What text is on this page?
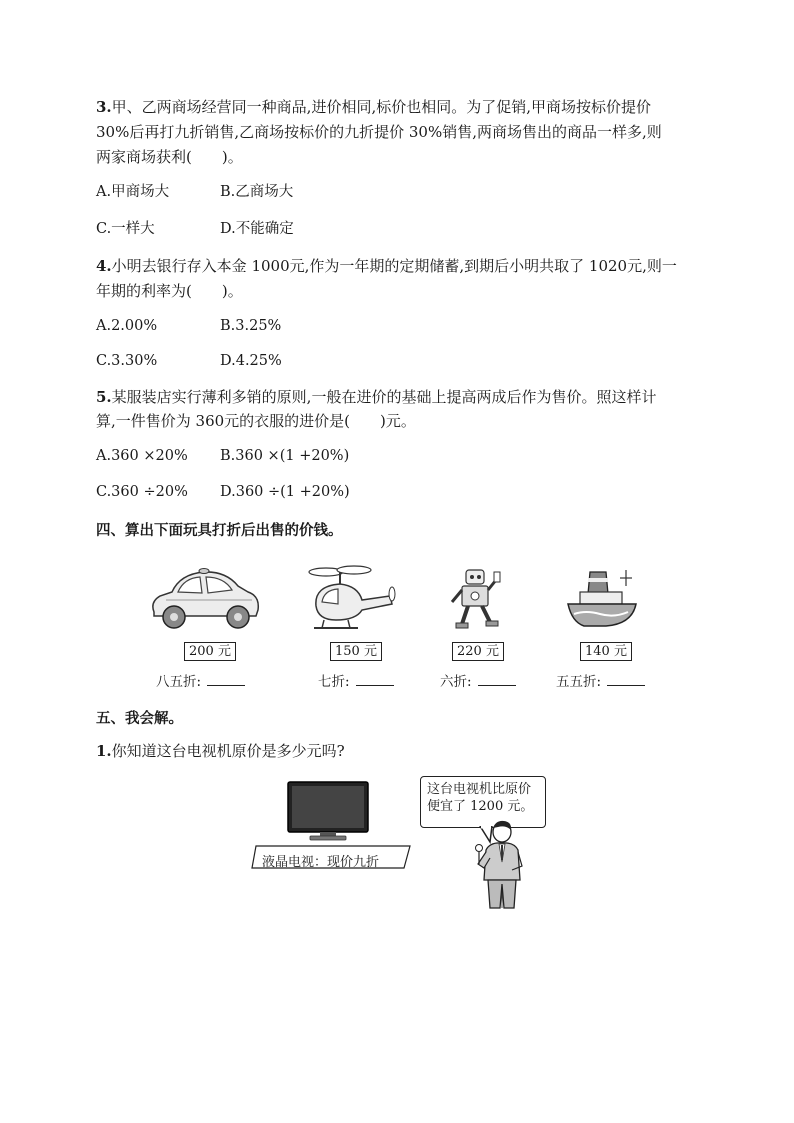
3.甲、乙两商场经营同一种商品,进价相同,标价也相同。为了促销,甲商场按标价提价
30%后再打九折销售,乙商场按标价的九折提价 30%销售,两商场售出的商品一样多,则
两家商场获利(　　)。
A.甲商场大	B.乙商场大
C.一样大	D.不能确定
4.小明去银行存入本金 1000元,作为一年期的定期储蓄,到期后小明共取了 1020元,则一
年期的利率为(　　)。
A.2.00%	B.3.25%
C.3.30%	D.4.25%
5.某服装店实行薄利多销的原则,一般在进价的基础上提高两成后作为售价。照这样计
算,一件售价为 360元的衣服的进价是(　　)元。
A.360 ×20% B.360 ×(1 +20%)
C.360 ÷20% D.360 ÷(1 +20%)
四、算出下面玩具打折后出售的价钱。
200 元	150 元	220 元	140 元
八五折:	七折:	六折:	五五折:
五、我会解。
1.你知道这台电视机原价是多少元吗?
液晶电视：现价九折
这台电视机比原价
便宜了 1200 元。
